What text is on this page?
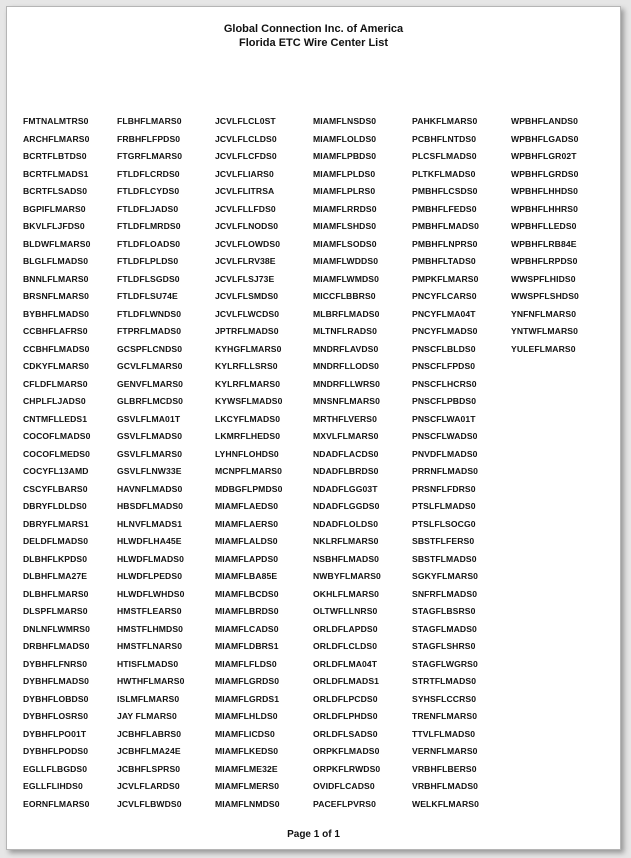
Global Connection Inc. of America
Florida ETC Wire Center List
FMTNALMTRS0
ARCHFLMARS0
BCRTFLBTDS0
BCRTFLMADS1
BCRTFLSADS0
BGPIFLMARS0
BKVLFLJFDS0
BLDWFLMARS0
BLGLFLMADS0
BNNLFLMARS0
BRSNFLMARS0
BYBHFLMADS0
CCBHFLAFRS0
CCBHFLMADS0
CDKYFLMARS0
CFLDFLMARS0
CHPLFLJADS0
CNTMFLLEDS1
COCOFLMADS0
COCOFLMEDS0
COCYFL13AMD
CSCYFLBARS0
DBRYFLDLDS0
DBRYFLMARS1
DELDFLMADS0
DLBHFLKPDS0
DLBHFLMA27E
DLBHFLMARS0
DLSPFLMARS0
DNLNFLWMRS0
DRBHFLMADS0
DYBHFLFNRS0
DYBHFLMADS0
DYBHFLOBDS0
DYBHFLOSRS0
DYBHFLPO01T
DYBHFLPODS0
EGLLFLBGDS0
EGLLFLIHDS0
EORNFLMARS0
FLBHFLMARS0
FRBHFLFPDS0
FTGRFLMARS0
FTLDFLCRDS0
FTLDFLCYDS0
FTLDFLJADS0
FTLDFLMRDS0
FTLDFLOADS0
FTLDFLPLDS0
FTLDFLSGDS0
FTLDFLSU74E
FTLDFLWNDS0
FTPRFLMADS0
GCSPFLCNDS0
GCVLFLMARS0
GENVFLMARS0
GLBRFLMCDS0
GSVLFLMA01T
GSVLFLMADS0
GSVLFLMARS0
GSVLFLNW33E
HAVNFLMADS0
HBSDFLMADS0
HLNVFLMADS1
HLWDFLHA45E
HLWDFLMADS0
HLWDFLPEDS0
HLWDFLWHDS0
HMSTFLEARS0
HMSTFLHMDS0
HMSTFLNARS0
HTISFLMADS0
HWTHFLMARS0
ISLMFLMARS0
JAY FLMARS0
JCBHFLABRS0
JCBHFLMA24E
JCBHFLSPRS0
JCVLFLARDS0
JCVLFLBWDS0
JCVLFLCL0ST
JCVLFLCLDS0
JCVLFLCFDS0
JCVLFLIARS0
JCVLFLITRSA
JCVLFLLFDS0
JCVLFLNODS0
JCVLFLOWDS0
JCVLFLRV38E
JCVLFLSJ73E
JCVLFLSMDS0
JCVLFLWCDS0
JPTRFLMADS0
KYHGFLMARS0
KYLRFLLSRS0
KYLRFLMARS0
KYWSFLMADS0
LKCYFLMADS0
LKMRFLHEDS0
LYHNFLOHDS0
MCNPFLMARS0
MDBGFLPMDS0
MIAMFLAEDS0
MIAMFLAERS0
MIAMFLALDS0
MIAMFLAPDS0
MIAMFLBA85E
MIAMFLBCDS0
MIAMFLBRDS0
MIAMFLCADS0
MIAMFLDBRS1
MIAMFLFLDS0
MIAMFLGRDS0
MIAMFLGRDS1
MIAMFLHLDS0
MIAMFLICDS0
MIAMFLKEDS0
MIAMFLME32E
MIAMFLMERS0
MIAMFLNMDS0
MIAMFLNSDS0
MIAMFLOLDS0
MIAMFLPBDS0
MIAMFLPLDS0
MIAMFLPLRS0
MIAMFLRRDS0
MIAMFLSHDS0
MIAMFLSODS0
MIAMFLWDDS0
MIAMFLWMDS0
MICCFLBBRS0
MLBRFLMADS0
MLTNFLRADS0
MNDRFLAVDS0
MNDRFLLODS0
MNDRFLLWRS0
MNSNFLMARS0
MRTHFLVERS0
MXVLFLMARS0
NDADFLACDS0
NDADFLBRDS0
NDADFLGG03T
NDADFLGGDS0
NDADFLOLDS0
NKLRFLMARS0
NSBHFLMADS0
NWBYFLMARS0
OKHLFLMARS0
OLTWFLLNRS0
ORLDFLAPDS0
ORLDFLCLDS0
ORLDFLMA04T
ORLDFLMADS1
ORLDFLPCDS0
ORLDFLPHDS0
ORLDFLSADS0
ORPKFLMADS0
ORPKFLRWDS0
OVIDFLCADS0
PACEFLPVRS0
PAHKFLMARS0
PCBHFLNTDS0
PLCSFLMADS0
PLTKFLMADS0
PMBHFLCSDS0
PMBHFLFEDS0
PMBHFLMADS0
PMBHFLNPRS0
PMBHFLTADS0
PMPKFLMARS0
PNCYFLCARS0
PNCYFLMA04T
PNCYFLMADS0
PNSCFLBLDS0
PNSCFLFPDS0
PNSCFLHCRS0
PNSCFLPBDS0
PNSCFLWA01T
PNSCFLWADS0
PNVDFLMADS0
PRRNFLMADS0
PRSNFLFDRS0
PTSLFLMADS0
PTSLFLSOCG0
SBSTFLFERS0
SBSTFLMADS0
SGKYFLMARS0
SNFRFLMADS0
STAGFLBSRS0
STAGFLMADS0
STAGFLSHRS0
STAGFLWGRS0
STRTFLMADS0
SYHSFLCCRS0
TRENFLMARS0
TTVLFLMADS0
VERNFLMARS0
VRBHFLBERS0
VRBHFLMADS0
WELKFLMARS0
WPBHFLANDS0
WPBHFLGADS0
WPBHFLGR02T
WPBHFLGRDS0
WPBHFLHHDS0
WPBHFLHHRS0
WPBHFLLEDS0
WPBHFLRB84E
WPBHFLRPDS0
WWSPFLHIDS0
WWSPFLSHDS0
YNFNFLMARS0
YNTWFLMARS0
YULEFLMARS0
Page 1 of 1
